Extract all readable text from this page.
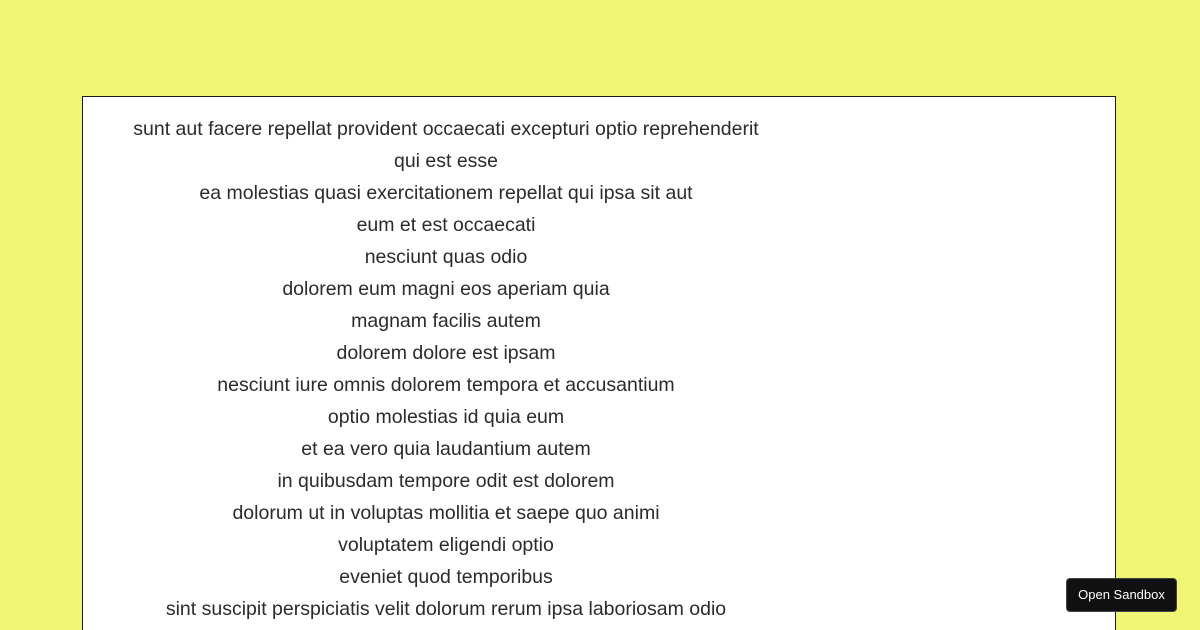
sunt aut facere repellat provident occaecati excepturi optio reprehenderit
qui est esse
ea molestias quasi exercitationem repellat qui ipsa sit aut
eum et est occaecati
nesciunt quas odio
dolorem eum magni eos aperiam quia
magnam facilis autem
dolorem dolore est ipsam
nesciunt iure omnis dolorem tempora et accusantium
optio molestias id quia eum
et ea vero quia laudantium autem
in quibusdam tempore odit est dolorem
dolorum ut in voluptas mollitia et saepe quo animi
voluptatem eligendi optio
eveniet quod temporibus
sint suscipit perspiciatis velit dolorum rerum ipsa laboriosam odio
Open Sandbox
